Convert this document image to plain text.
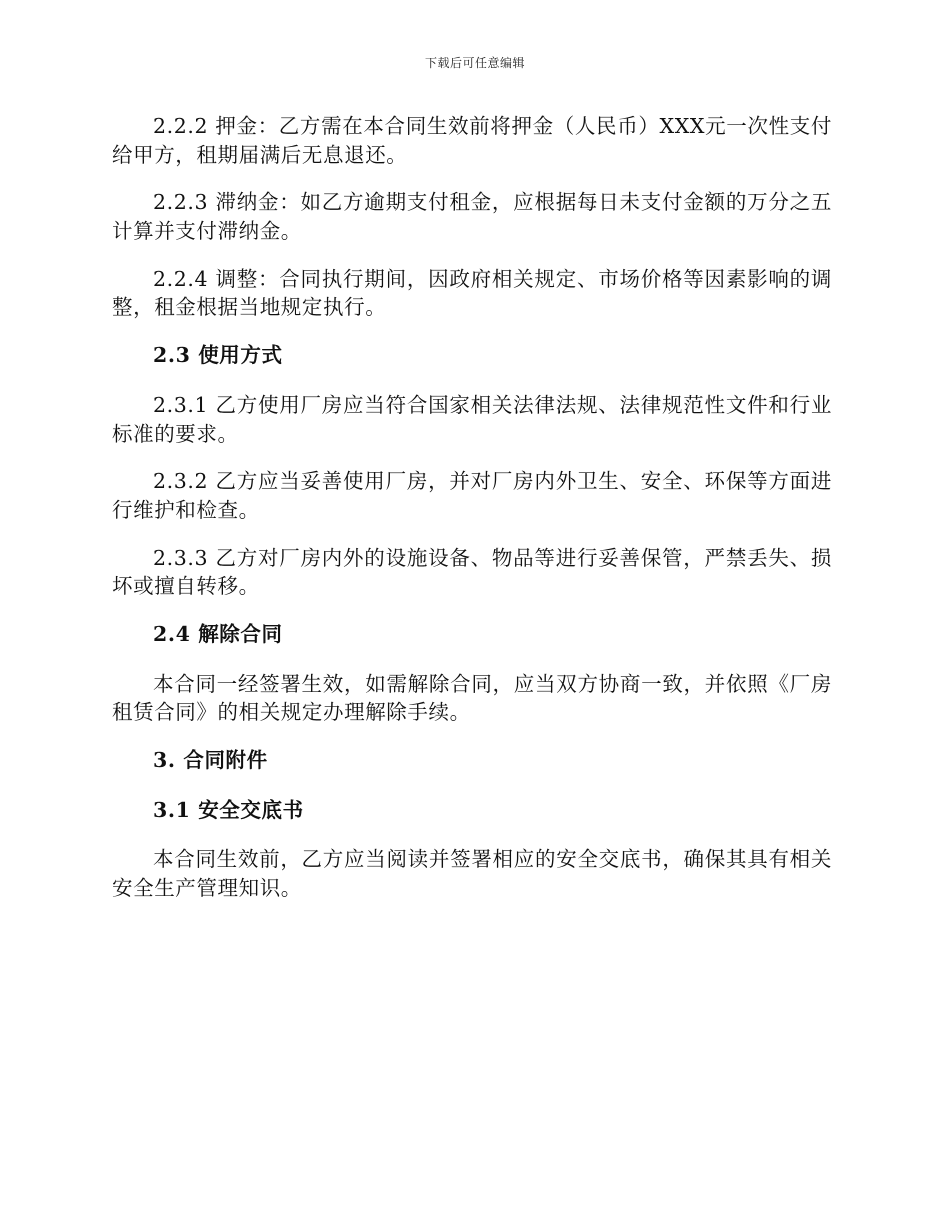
下载后可任意编辑

2.2.2 押金：乙方需在本合同生效前将押金（人民币）XXX元一次性支付给甲方，租期届满后无息退还。

2.2.3 滞纳金：如乙方逾期支付租金，应根据每日未支付金额的万分之五计算并支付滞纳金。

2.2.4 调整：合同执行期间，因政府相关规定、市场价格等因素影响的调整，租金根据当地规定执行。

2.3 使用方式

2.3.1 乙方使用厂房应当符合国家相关法律法规、法律规范性文件和行业标准的要求。

2.3.2 乙方应当妥善使用厂房，并对厂房内外卫生、安全、环保等方面进行维护和检查。

2.3.3 乙方对厂房内外的设施设备、物品等进行妥善保管，严禁丢失、损坏或擅自转移。

2.4 解除合同

本合同一经签署生效，如需解除合同，应当双方协商一致，并依照《厂房租赁合同》的相关规定办理解除手续。

3. 合同附件

3.1 安全交底书

本合同生效前，乙方应当阅读并签署相应的安全交底书，确保其具有相关安全生产管理知识。
